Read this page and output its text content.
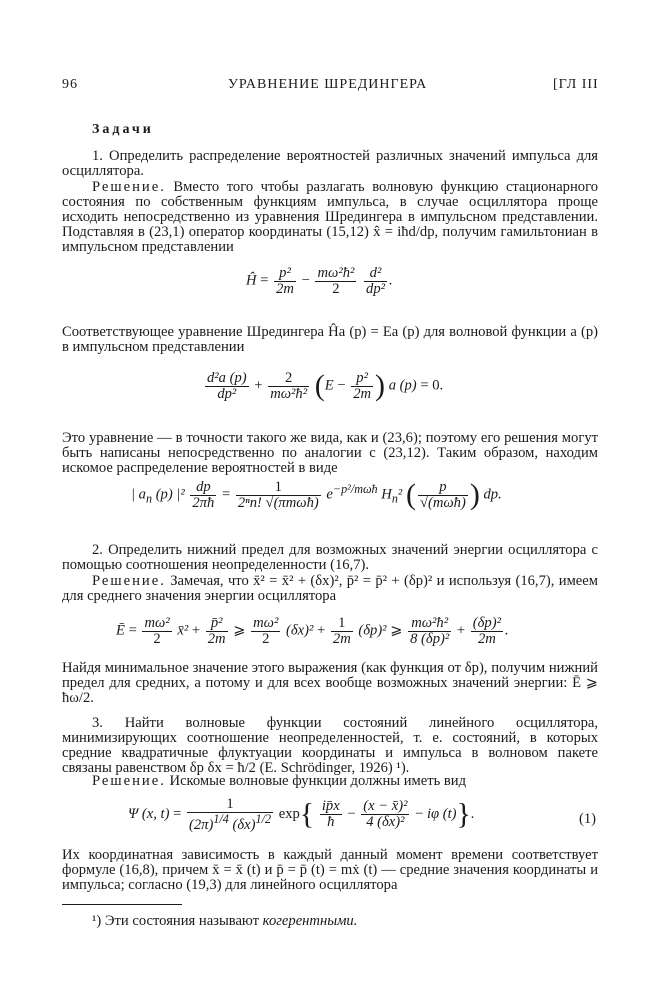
96	УРАВНЕНИЕ ШРЕДИНГЕРА	[ГЛ III
Задачи

1. Определить распределение вероятностей различных значений импульса для осциллятора.

Решение. Вместо того чтобы разлагать волновую функцию стационарного состояния по собственным функциям импульса, в случае осциллятора проще исходить непосредственно из уравнения Шредингера в импульсном представлении. Подставляя в (23,1) оператор координаты (15,12) x̂ = iħd/dp, получим гамильтониан в импульсном представлении

Ĥ = $\frac{\text{p²}}{2m} - \frac{\text{mω²ħ²}}{2}$
$\frac{\text{d²}}{\text{dp²}}$ .

Соответствующее уравнение Шредингера Ĥa (p) = Ea (p) для волновой функции a (p) в импульсном представлении

$\frac{\text{d²a (p)}}{\text{dp²}} + \frac{2}{\text{mω²ħ²}} (E - \frac{\text{p²}}{2m}$ ) a (p) = 0.

Это уравнение — в точности такого же вида, как и (23,6); поэтому его решения могут быть написаны непосредственно по аналогии с (23,12). Таким образом, находим искомое распределение вероятностей в виде

| $a_n$ (p) $|^2 \frac{dp}{2\pi ħ} = \frac{1}{\text{2ⁿn! √(πmωħ)}} e^{-p^2/m\omega ħ}$ $H_n^2$ ( $\frac{p}{\text{√(mωħ)}}$ ) dp.

2. Определить нижний предел для возможных значений энергии осциллятора с помощью соотношения неопределенности (16,7).

Решение. Замечая, что x̄² = x̄² + (δx)², p̄² = p̄² + (δp)² и используя (16,7), имеем для среднего значения энергии осциллятора

Ē = $\frac{\text{mω²}}{2}$ x̄² + $\frac{\text{p̄²}}{2m}$ ⩾ $\frac{\text{mω²}}{2} (\delta x)^2 + \frac{1}{2m} (\delta p)^2$ ⩾ $\frac{\text{mω²ħ²}}{\text{8 (δp)²}} + \frac{\text{(δp)²}}{2m}$ .

Найдя минимальное значение этого выражения (как функция от δp), получим нижний предел для средних, а потому и для всех вообще возможных значений энергии: Ē ⩾ ħω/2.

3. Найти волновые функции состояний линейного осциллятора, минимизирующих соотношение неопределенностей, т. е. состояний, в которых средние квадратичные флуктуации координаты и импульса в волновом пакете связаны равенством δp δx = ħ/2 (E. Schrödinger, 1926) ¹).

Решение. Искомые волновые функции должны иметь вид

Ψ (x, $t) = \frac{1}{(2\pi)^{1/4} (\delta x)^{1/2}} \exp\{ \frac{ip̄x}{ħ} - \frac{\text{(x − x̄)²}}{\text{4 (δx)²}} - i\varphi$ (t)}.	(1)

Их координатная зависимость в каждый данный момент времени соответствует формуле (16,8), причем x̄ = x̄ (t) и p̄ = p̄ (t) = mẋ (t) — средние значения координаты и импульса; согласно (19,3) для линейного осциллятора

¹) Эти состояния называют когерентными.
